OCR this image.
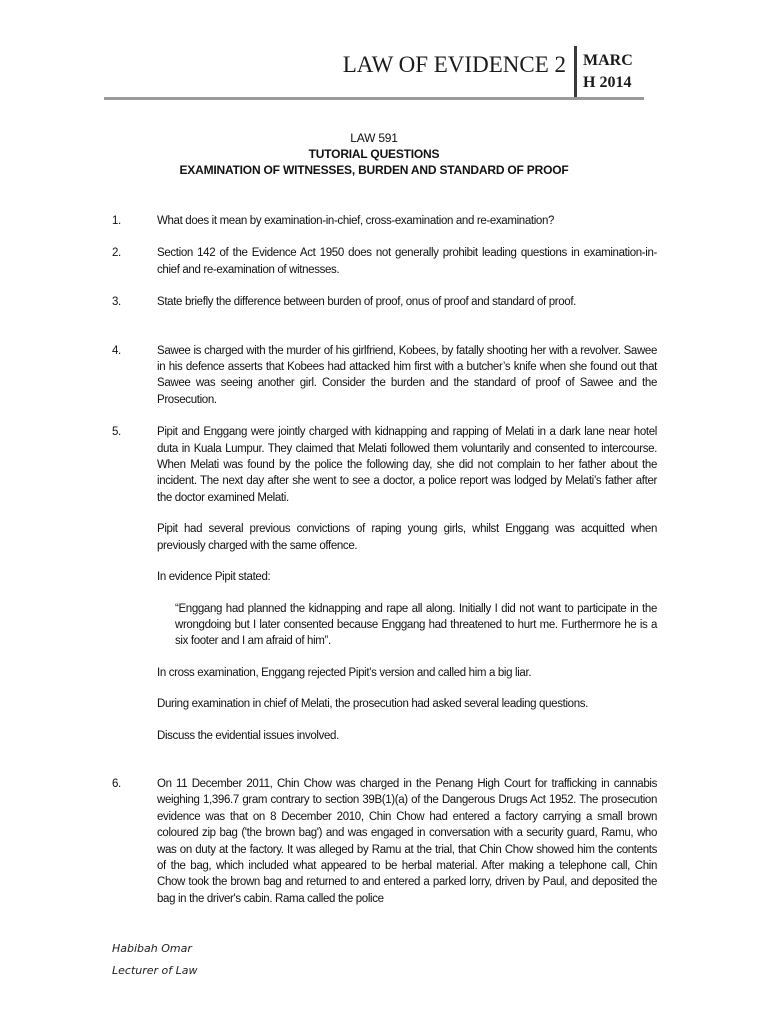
LAW OF EVIDENCE 2 MARC
H 2014
LAW 591
TUTORIAL QUESTIONS
EXAMINATION OF WITNESSES, BURDEN AND STANDARD OF PROOF
1.	What does it mean by examination-in-chief, cross-examination and re-examination?

2.	Section 142 of the Evidence Act 1950 does not generally prohibit leading questions in examination-in-chief and re-examination of witnesses.

3.	State briefly the difference between burden of proof, onus of proof and standard of proof.

4.	Sawee is charged with the murder of his girlfriend, Kobees, by fatally shooting her with a revolver. Sawee in his defence asserts that Kobees had attacked him first with a butcher’s knife when she found out that Sawee was seeing another girl. Consider the burden and the standard of proof of Sawee and the Prosecution.

5.	Pipit and Enggang were jointly charged with kidnapping and rapping of Melati in a dark lane near hotel duta in Kuala Lumpur. They claimed that Melati followed them voluntarily and consented to intercourse. When Melati was found by the police the following day, she did not complain to her father about the incident. The next day after she went to see a doctor, a police report was lodged by Melati’s father after the doctor examined Melati.

Pipit had several previous convictions of raping young girls, whilst Enggang was acquitted when previously charged with the same offence.

In evidence Pipit stated:

“Enggang had planned the kidnapping and rape all along. Initially I did not want to participate in the wrongdoing but I later consented because Enggang had threatened to hurt me. Furthermore he is a six footer and I am afraid of him”.

In cross examination, Enggang rejected Pipit’s version and called him a big liar.

During examination in chief of Melati, the prosecution had asked several leading questions.

Discuss the evidential issues involved.

6.	On 11 December 2011, Chin Chow was charged in the Penang High Court for trafficking in cannabis weighing 1,396.7 gram contrary to section 39B(1)(a) of the Dangerous Drugs Act 1952. The prosecution evidence was that on 8 December 2010, Chin Chow had entered a factory carrying a small brown coloured zip bag ('the brown bag') and was engaged in conversation with a security guard, Ramu, who was on duty at the factory. It was alleged by Ramu at the trial, that Chin Chow showed him the contents of the bag, which included what appeared to be herbal material. After making a telephone call, Chin Chow took the brown bag and returned to and entered a parked lorry, driven by Paul, and deposited the bag in the driver's cabin. Rama called the police

Habibah Omar
Lecturer of Law
